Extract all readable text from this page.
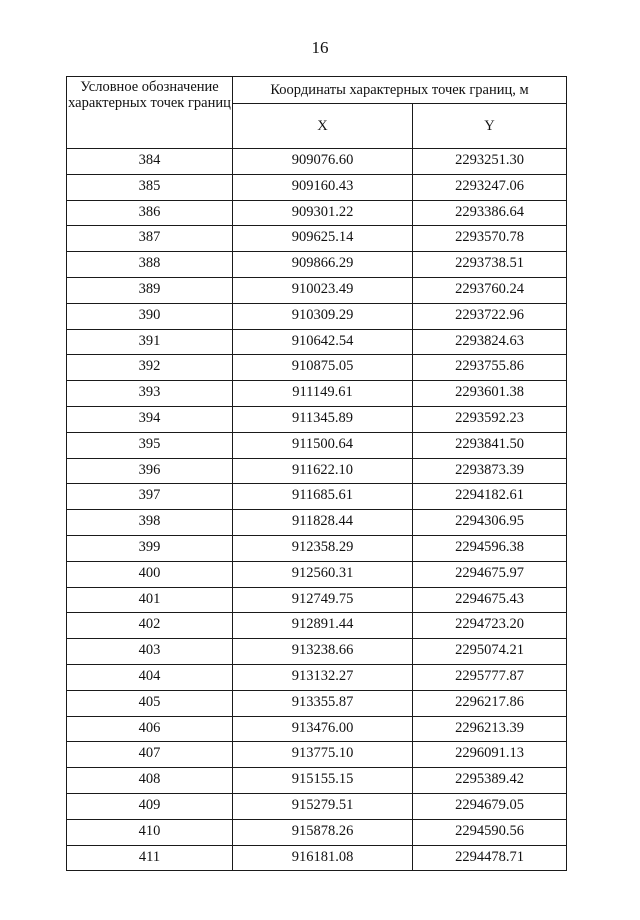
16
Условное обозначение характерных точек границ	Координаты характерных точек границ, м	
	X	Y
384	909076.60	2293251.30
385	909160.43	2293247.06
386	909301.22	2293386.64
387	909625.14	2293570.78
388	909866.29	2293738.51
389	910023.49	2293760.24
390	910309.29	2293722.96
391	910642.54	2293824.63
392	910875.05	2293755.86
393	911149.61	2293601.38
394	911345.89	2293592.23
395	911500.64	2293841.50
396	911622.10	2293873.39
397	911685.61	2294182.61
398	911828.44	2294306.95
399	912358.29	2294596.38
400	912560.31	2294675.97
401	912749.75	2294675.43
402	912891.44	2294723.20
403	913238.66	2295074.21
404	913132.27	2295777.87
405	913355.87	2296217.86
406	913476.00	2296213.39
407	913775.10	2296091.13
408	915155.15	2295389.42
409	915279.51	2294679.05
410	915878.26	2294590.56
411	916181.08	2294478.71
